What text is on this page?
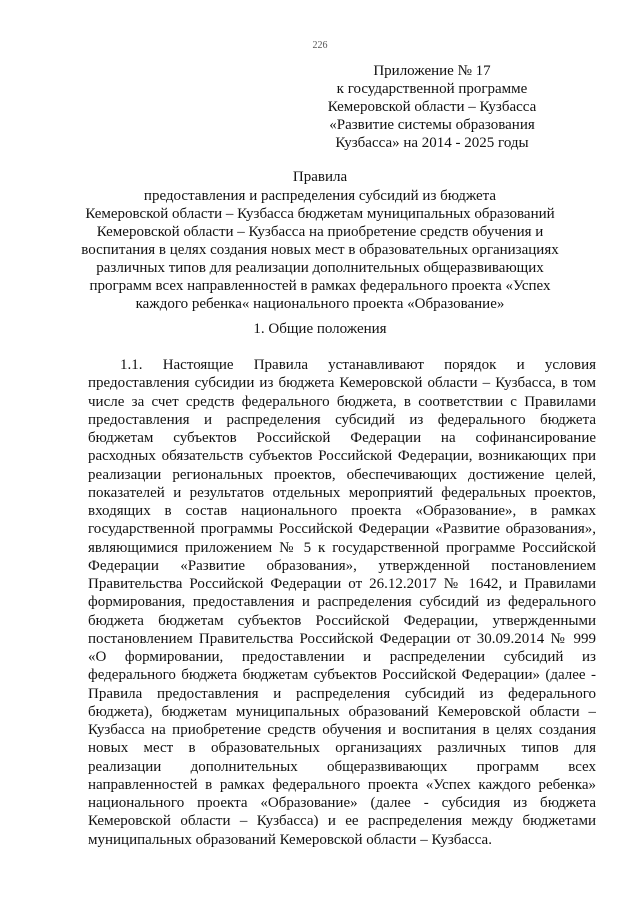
226
Приложение № 17
к государственной программе
Кемеровской области – Кузбасса
«Развитие системы образования
Кузбасса» на 2014 - 2025 годы
Правила
предоставления и распределения субсидий из бюджета
Кемеровской области – Кузбасса бюджетам муниципальных образований
Кемеровской области – Кузбасса на приобретение средств обучения и
воспитания в целях создания новых мест в образовательных организациях
различных типов для реализации дополнительных общеразвивающих
программ всех направленностей в рамках федерального проекта «Успех
каждого ребенка« национального проекта «Образование»
1. Общие положения
1.1. Настоящие Правила устанавливают порядок и условия
предоставления субсидии из бюджета Кемеровской области – Кузбасса, в том
числе за счет средств федерального бюджета, в соответствии с Правилами
предоставления и распределения субсидий из федерального бюджета
бюджетам субъектов Российской Федерации на софинансирование
расходных обязательств субъектов Российской Федерации, возникающих при
реализации региональных проектов, обеспечивающих достижение целей,
показателей и результатов отдельных мероприятий федеральных проектов,
входящих в состав национального проекта «Образование», в рамках
государственной программы Российской Федерации «Развитие образования»,
являющимися приложением № 5 к государственной программе Российской
Федерации «Развитие образования», утвержденной постановлением
Правительства Российской Федерации от 26.12.2017 № 1642, и Правилами
формирования, предоставления и распределения субсидий из федерального
бюджета бюджетам субъектов Российской Федерации, утвержденными
постановлением Правительства Российской Федерации от 30.09.2014 № 999
«О формировании, предоставлении и распределении субсидий из
федерального бюджета бюджетам субъектов Российской Федерации» (далее -
Правила предоставления и распределения субсидий из федерального
бюджета), бюджетам муниципальных образований Кемеровской области –
Кузбасса на приобретение средств обучения и воспитания в целях создания
новых мест в образовательных организациях различных типов для
реализации дополнительных общеразвивающих программ всех
направленностей в рамках федерального проекта «Успех каждого ребенка»
национального проекта «Образование» (далее - субсидия из бюджета
Кемеровской области – Кузбасса) и ее распределения между бюджетами
муниципальных образований Кемеровской области – Кузбасса.
